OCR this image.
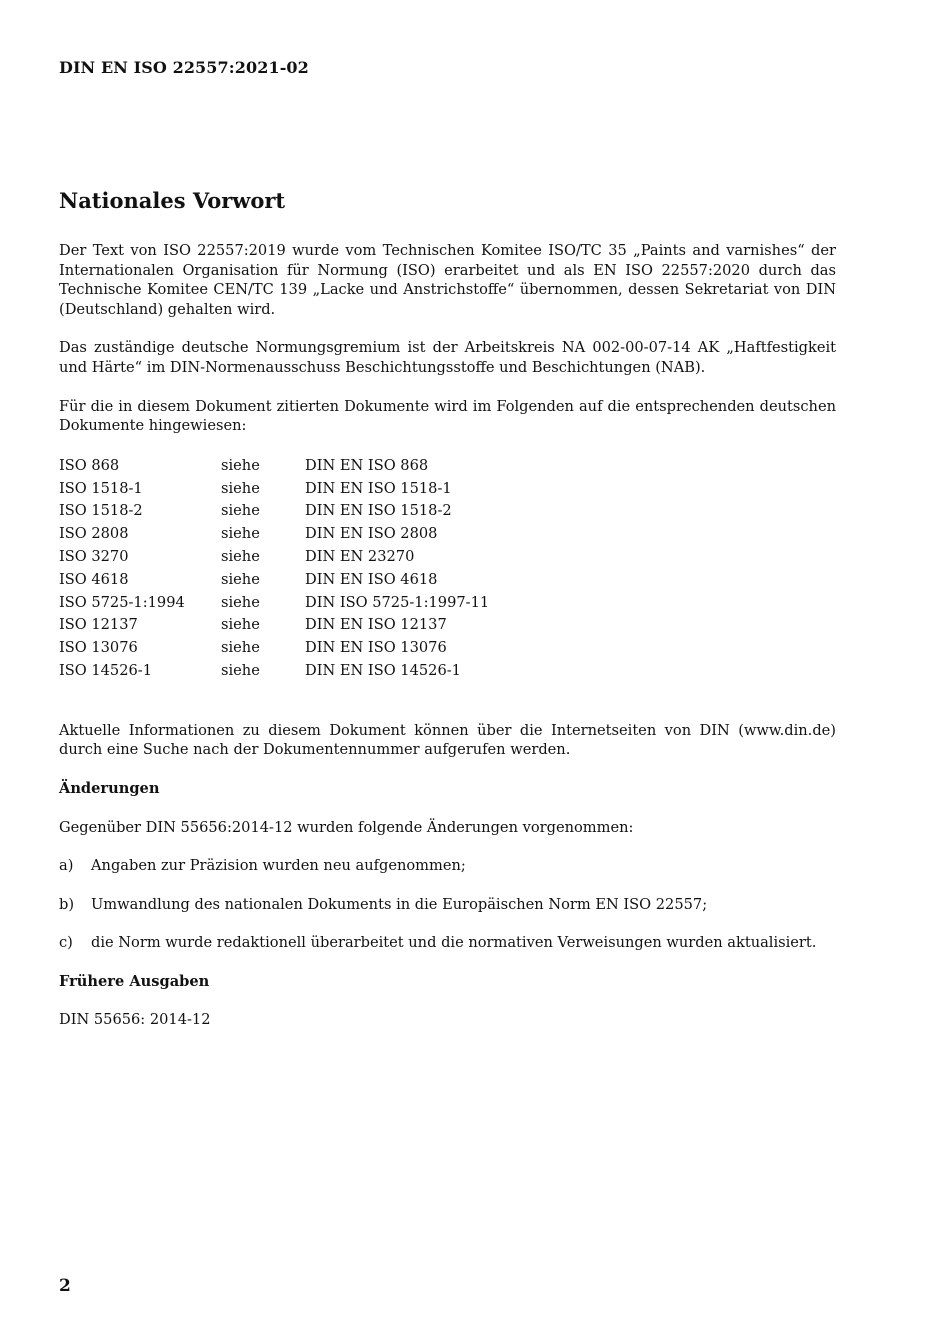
DIN EN ISO 22557:2021-02
Nationales Vorwort

Der Text von ISO 22557:2019 wurde vom Technischen Komitee ISO/TC 35 „Paints and varnishes“ der Internationalen Organisation für Normung (ISO) erarbeitet und als EN ISO 22557:2020 durch das Technische Komitee CEN/TC 139 „Lacke und Anstrichstoffe“ übernommen, dessen Sekretariat von DIN (Deutschland) gehalten wird.

Das zuständige deutsche Normungsgremium ist der Arbeitskreis NA 002-00-07-14 AK „Haftfestigkeit und Härte“ im DIN-Normenausschuss Beschichtungsstoffe und Beschichtungen (NAB).

Für die in diesem Dokument zitierten Dokumente wird im Folgenden auf die entsprechenden deutschen Dokumente hingewiesen:

ISO 868	siehe	DIN EN ISO 868
ISO 1518-1	siehe	DIN EN ISO 1518-1
ISO 1518-2	siehe	DIN EN ISO 1518-2
ISO 2808	siehe	DIN EN ISO 2808
ISO 3270	siehe	DIN EN 23270
ISO 4618	siehe	DIN EN ISO 4618
ISO 5725-1:1994	siehe	DIN ISO 5725-1:1997-11
ISO 12137	siehe	DIN EN ISO 12137
ISO 13076	siehe	DIN EN ISO 13076
ISO 14526-1	siehe	DIN EN ISO 14526-1

Aktuelle Informationen zu diesem Dokument können über die Internetseiten von DIN (www.din.de) durch eine Suche nach der Dokumentennummer aufgerufen werden.

Änderungen

Gegenüber DIN 55656:2014-12 wurden folgende Änderungen vorgenommen:

a)	Angaben zur Präzision wurden neu aufgenommen;
b)	Umwandlung des nationalen Dokuments in die Europäischen Norm EN ISO 22557;
c)	die Norm wurde redaktionell überarbeitet und die normativen Verweisungen wurden aktualisiert.
Frühere Ausgaben

DIN 55656: 2014-12

2
